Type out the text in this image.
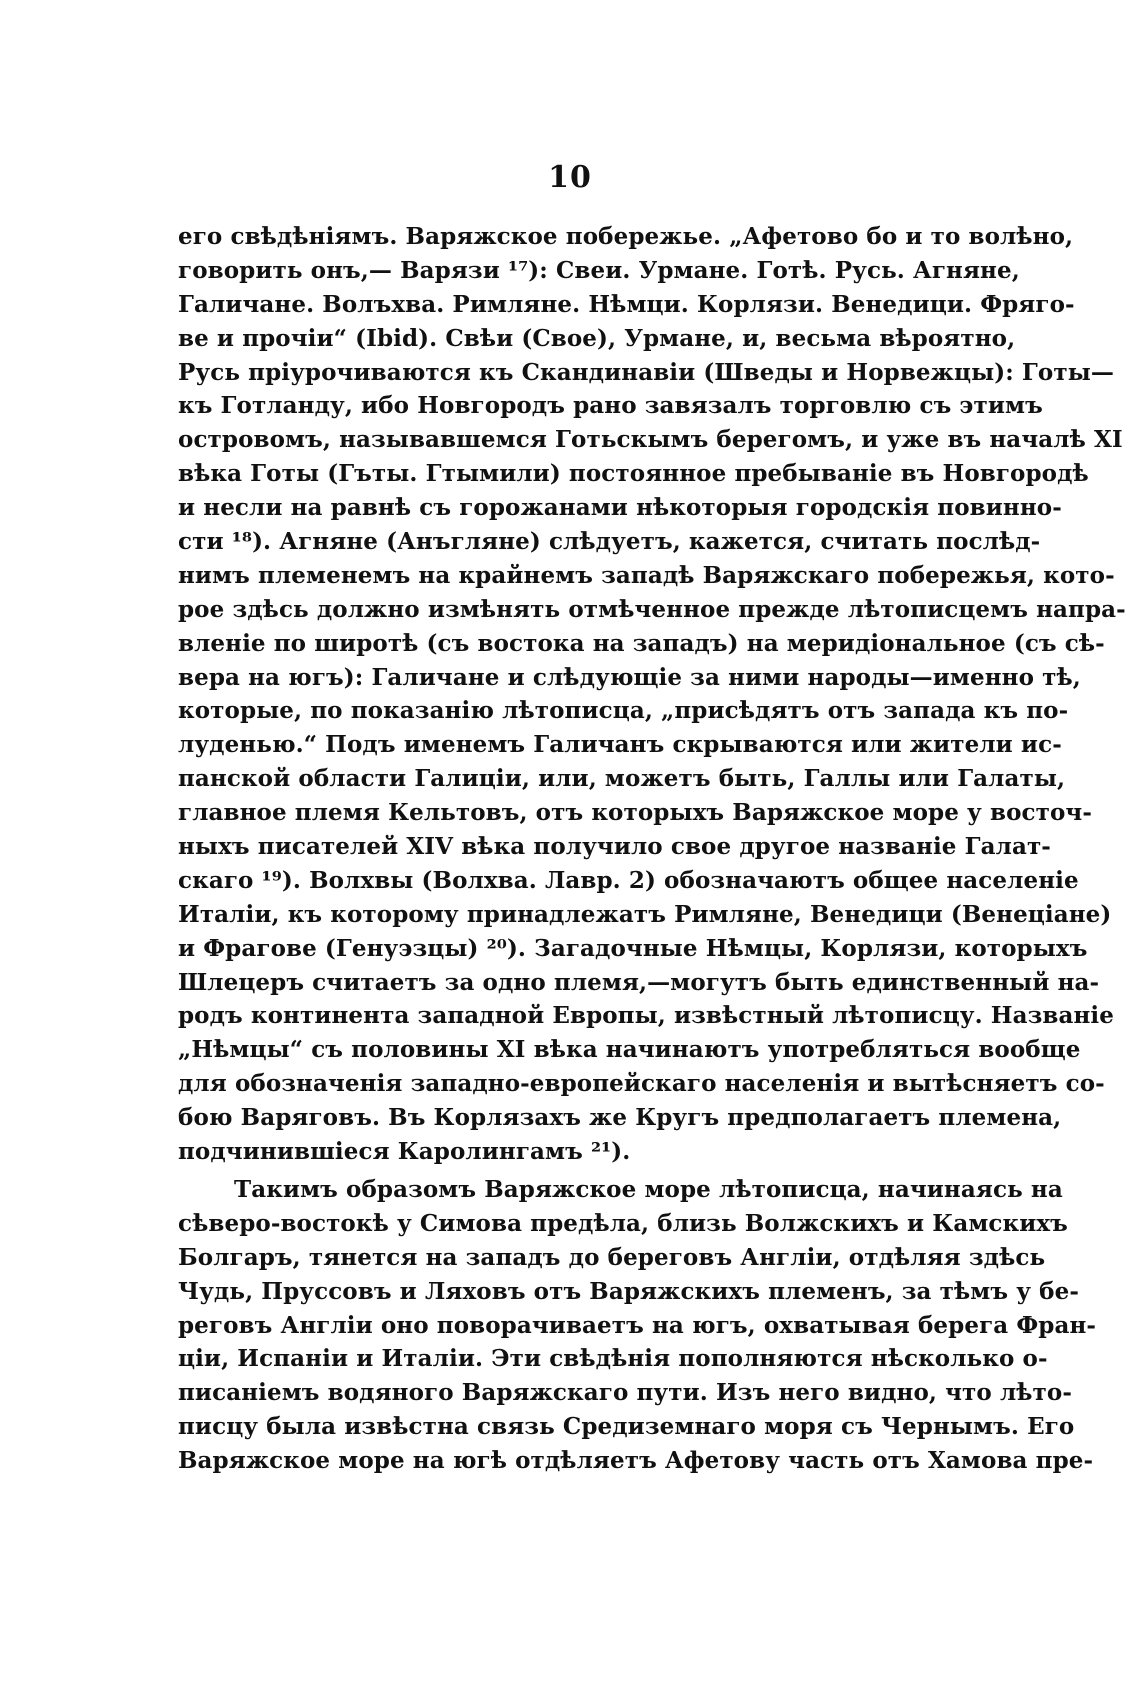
10
его свѣдѣніямъ. Варяжское побережье. „Афетово бо и то волѣно,
говорить онъ,— Варязи ¹⁷): Свеи. Урмане. Готѣ. Русь. Агняне,
Галичане. Волъхва. Римляне. Нѣмци. Корлязи. Венедици. Фряго-
ве и прочіи“ (Ibid). Свѣи (Свое), Урмане, и, весьма вѣроятно,
Русь пріурочиваются къ Скандинавіи (Шведы и Норвежцы): Готы—
къ Готланду, ибо Новгородъ рано завязалъ торговлю съ этимъ
островомъ, называвшемся Готьскымъ берегомъ, и уже въ началѣ XI
вѣка Готы (Гъты. Гтымили) постоянное пребываніе въ Новгородѣ
и несли на равнѣ съ горожанами нѣкоторыя городскія повинно-
сти ¹⁸). Агняне (Анъгляне) слѣдуетъ, кажется, считать послѣд-
нимъ племенемъ на крайнемъ западѣ Варяжскаго побережья, кото-
рое здѣсь должно измѣнять отмѣченное прежде лѣтописцемъ напра-
вленіе по широтѣ (съ востока на западъ) на меридіональное (съ сѣ-
вера на югъ): Галичане и слѣдующіе за ними народы—именно тѣ,
которые, по показанію лѣтописца, „присѣдятъ отъ запада къ по-
луденью.“ Подъ именемъ Галичанъ скрываются или жители ис-
панской области Галиціи, или, можетъ быть, Галлы или Галаты,
главное племя Кельтовъ, отъ которыхъ Варяжское море у восточ-
ныхъ писателей XIV вѣка получило свое другое названіе Галат-
скаго ¹⁹). Волхвы (Волхва. Лавр. 2) обозначаютъ общее населеніе
Италіи, къ которому принадлежатъ Римляне, Венедици (Венеціане)
и Фрагове (Генуэзцы) ²⁰). Загадочные Нѣмцы, Корлязи, которыхъ
Шлецеръ считаетъ за одно племя,—могутъ быть единственный на-
родъ континента западной Европы, извѣстный лѣтописцу. Названіе
„Нѣмцы“ съ половины XI вѣка начинаютъ употребляться вообще
для обозначенія западно-европейскаго населенія и вытѣсняетъ со-
бою Варяговъ. Въ Корлязахъ же Кругъ предполагаетъ племена,
подчинившіеся Каролингамъ ²¹).
Такимъ образомъ Варяжское море лѣтописца, начинаясь на
сѣверо-востокѣ у Симова предѣла, близь Волжскихъ и Камскихъ
Болгаръ, тянется на западъ до береговъ Англіи, отдѣляя здѣсь
Чудь, Пруссовъ и Ляховъ отъ Варяжскихъ племенъ, за тѣмъ у бе-
реговъ Англіи оно поворачиваетъ на югъ, охватывая берега Фран-
ціи, Испаніи и Италіи. Эти свѣдѣнія пополняются нѣсколько о-
писаніемъ водяного Варяжскаго пути. Изъ него видно, что лѣто-
писцу была извѣстна связь Средиземнаго моря съ Чернымъ. Его
Варяжское море на югѣ отдѣляетъ Афетову часть отъ Хамова пре-
